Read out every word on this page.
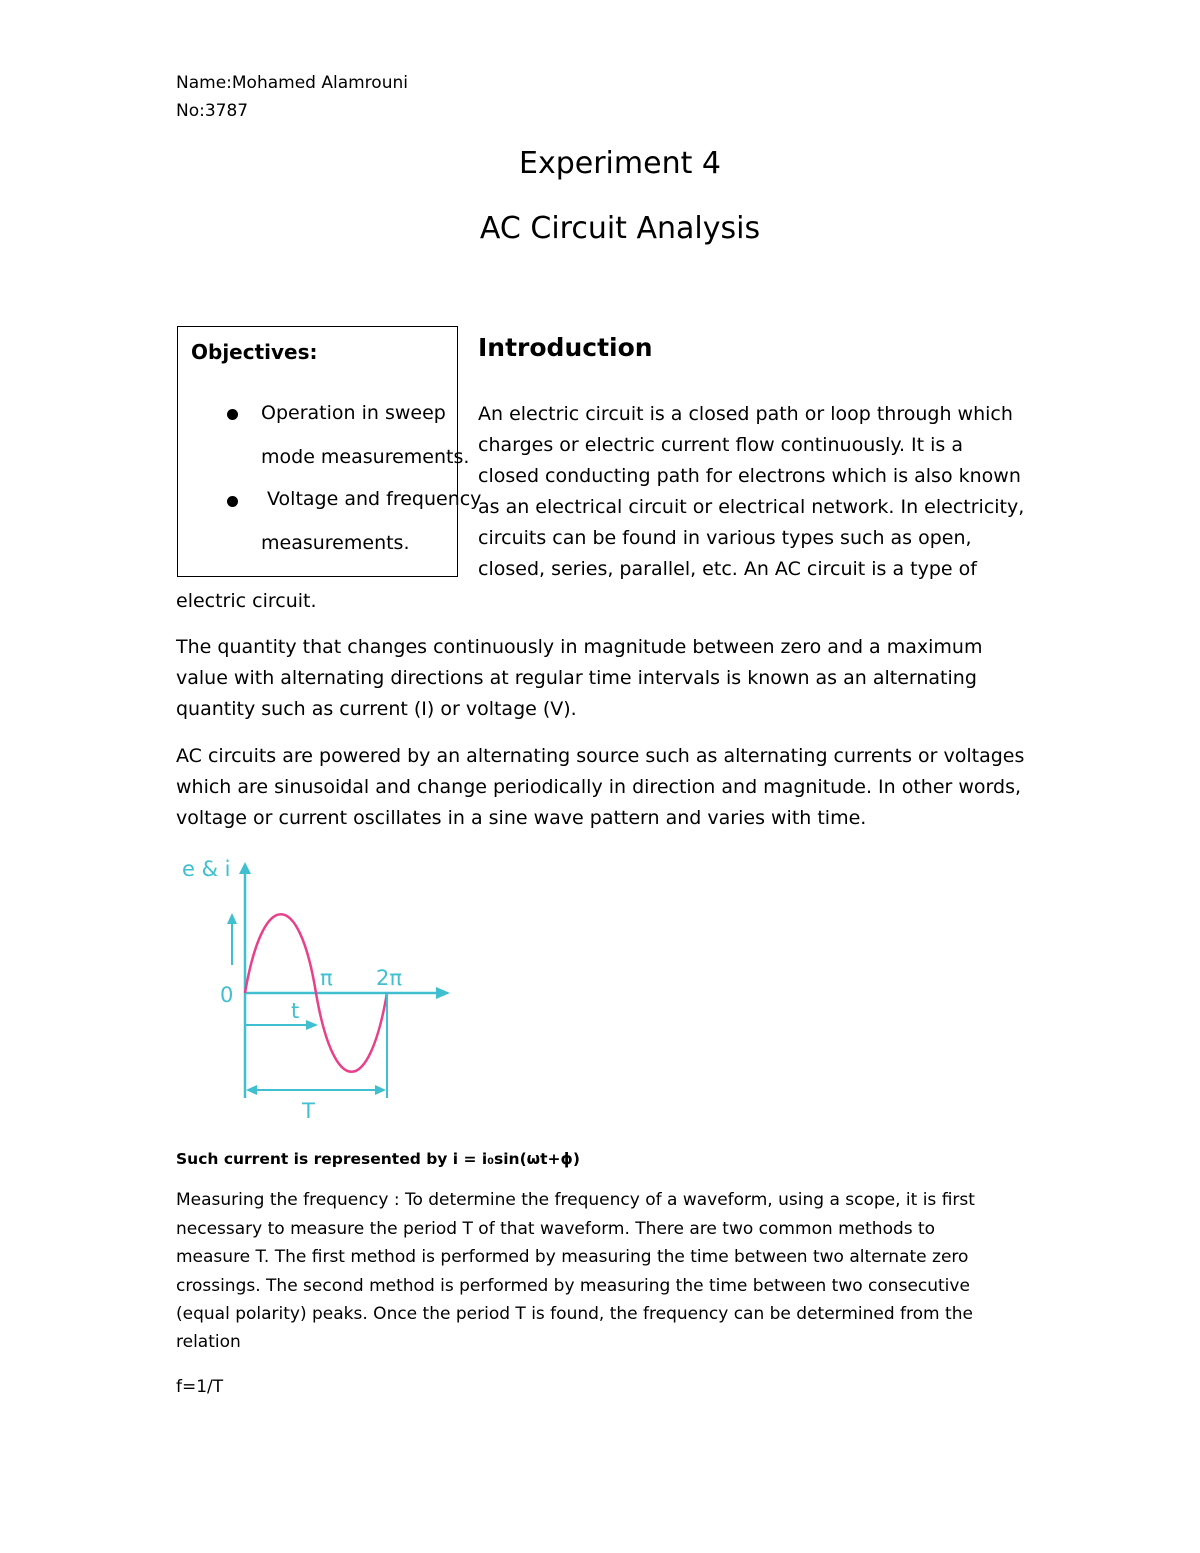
Name:Mohamed Alamrouni
No:3787
Experiment 4
AC Circuit Analysis
Objectives:
Operation in sweep
mode measurements.
Voltage and frequency
measurements.
Introduction
An electric circuit is a closed path or loop through which
charges or electric current flow continuously. It is a
closed conducting path for electrons which is also known
as an electrical circuit or electrical network. In electricity,
circuits can be found in various types such as open,
closed, series, parallel, etc. An AC circuit is a type of
electric circuit.
The quantity that changes continuously in magnitude between zero and a maximum
value with alternating directions at regular time intervals is known as an alternating
quantity such as current (I) or voltage (V).
AC circuits are powered by an alternating source such as alternating currents or voltages
which are sinusoidal and change periodically in direction and magnitude. In other words,
voltage or current oscillates in a sine wave pattern and varies with time.
e & i
0
π 2π
t
T
Such current is represented by i = i₀sin(ωt+ϕ)
Measuring the frequency : To determine the frequency of a waveform, using a scope, it is first
necessary to measure the period T of that waveform. There are two common methods to
measure T. The first method is performed by measuring the time between two alternate zero
crossings. The second method is performed by measuring the time between two consecutive
(equal polarity) peaks. Once the period T is found, the frequency can be determined from the
relation
f=1/T
